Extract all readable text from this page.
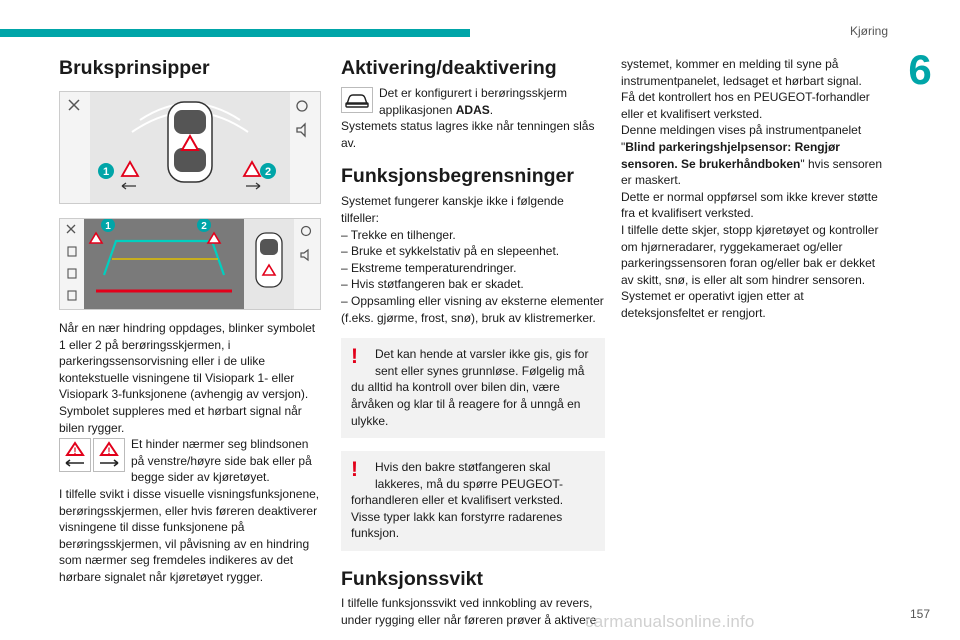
Kjøring
6
Bruksprinsipper
1	2
1	2

Når en nær hindring oppdages, blinker symbolet 1 eller 2 på berøringsskjermen, i parkeringssensorvisning eller i de ulike kontekstuelle visningene til Visiopark 1- eller Visiopark 3-funksjonene (avhengig av versjon). Symbolet suppleres med et hørbart signal når bilen rygger.

!	!	Et hinder nærmer seg blindsonen på venstre/høyre side bak eller på begge sider av kjøretøyet.

I tilfelle svikt i disse visuelle visningsfunksjonene, berøringsskjermen, eller hvis føreren deaktiverer visningene til disse funksjonene på berøringsskjermen, vil påvisning av en hindring som nærmer seg fremdeles indikeres av det hørbare signalet når kjøretøyet rygger.

Aktivering/deaktivering

Det er konfigurert i berøringsskjerm applikasjonen ADAS.

Systemets status lagres ikke når tenningen slås av.

Funksjonsbegrensninger

Systemet fungerer kanskje ikke i følgende tilfeller:

– Trekke en tilhenger.

– Bruke et sykkelstativ på en slepeenhet.

– Ekstreme temperaturendringer.

– Hvis støtfangeren bak er skadet.

– Oppsamling eller visning av eksterne elementer (f.eks. gjørme, frost, snø), bruk av klistremerker.

!	Det kan hende at varsler ikke gis, gis for sent eller synes grunnløse. Følgelig må du alltid ha kontroll over bilen din, være årvåken og klar til å reagere for å unngå en ulykke.

!	Hvis den bakre støtfangeren skal lakkeres, må du spørre PEUGEOT-forhandleren eller et kvalifisert verksted. Visse typer lakk kan forstyrre radarenes funksjon.

Funksjonssvikt

I tilfelle funksjonssvikt ved innkobling av revers, under rygging eller når føreren prøver å aktivere

systemet, kommer en melding til syne på instrumentpanelet, ledsaget et hørbart signal.

Få det kontrollert hos en PEUGEOT-forhandler eller et kvalifisert verksted.

Denne meldingen vises på instrumentpanelet "Blind parkeringshjelpsensor: Rengjør sensoren. Se brukerhåndboken" hvis sensoren er maskert.

Dette er normal oppførsel som ikke krever støtte fra et kvalifisert verksted.

I tilfelle dette skjer, stopp kjøretøyet og kontroller om hjørneradarer, ryggekameraet og/eller parkeringssensoren foran og/eller bak er dekket av skitt, snø, is eller alt som hindrer sensoren.

Systemet er operativt igjen etter at deteksjonsfeltet er rengjort.

carmanualsonline.info	157
